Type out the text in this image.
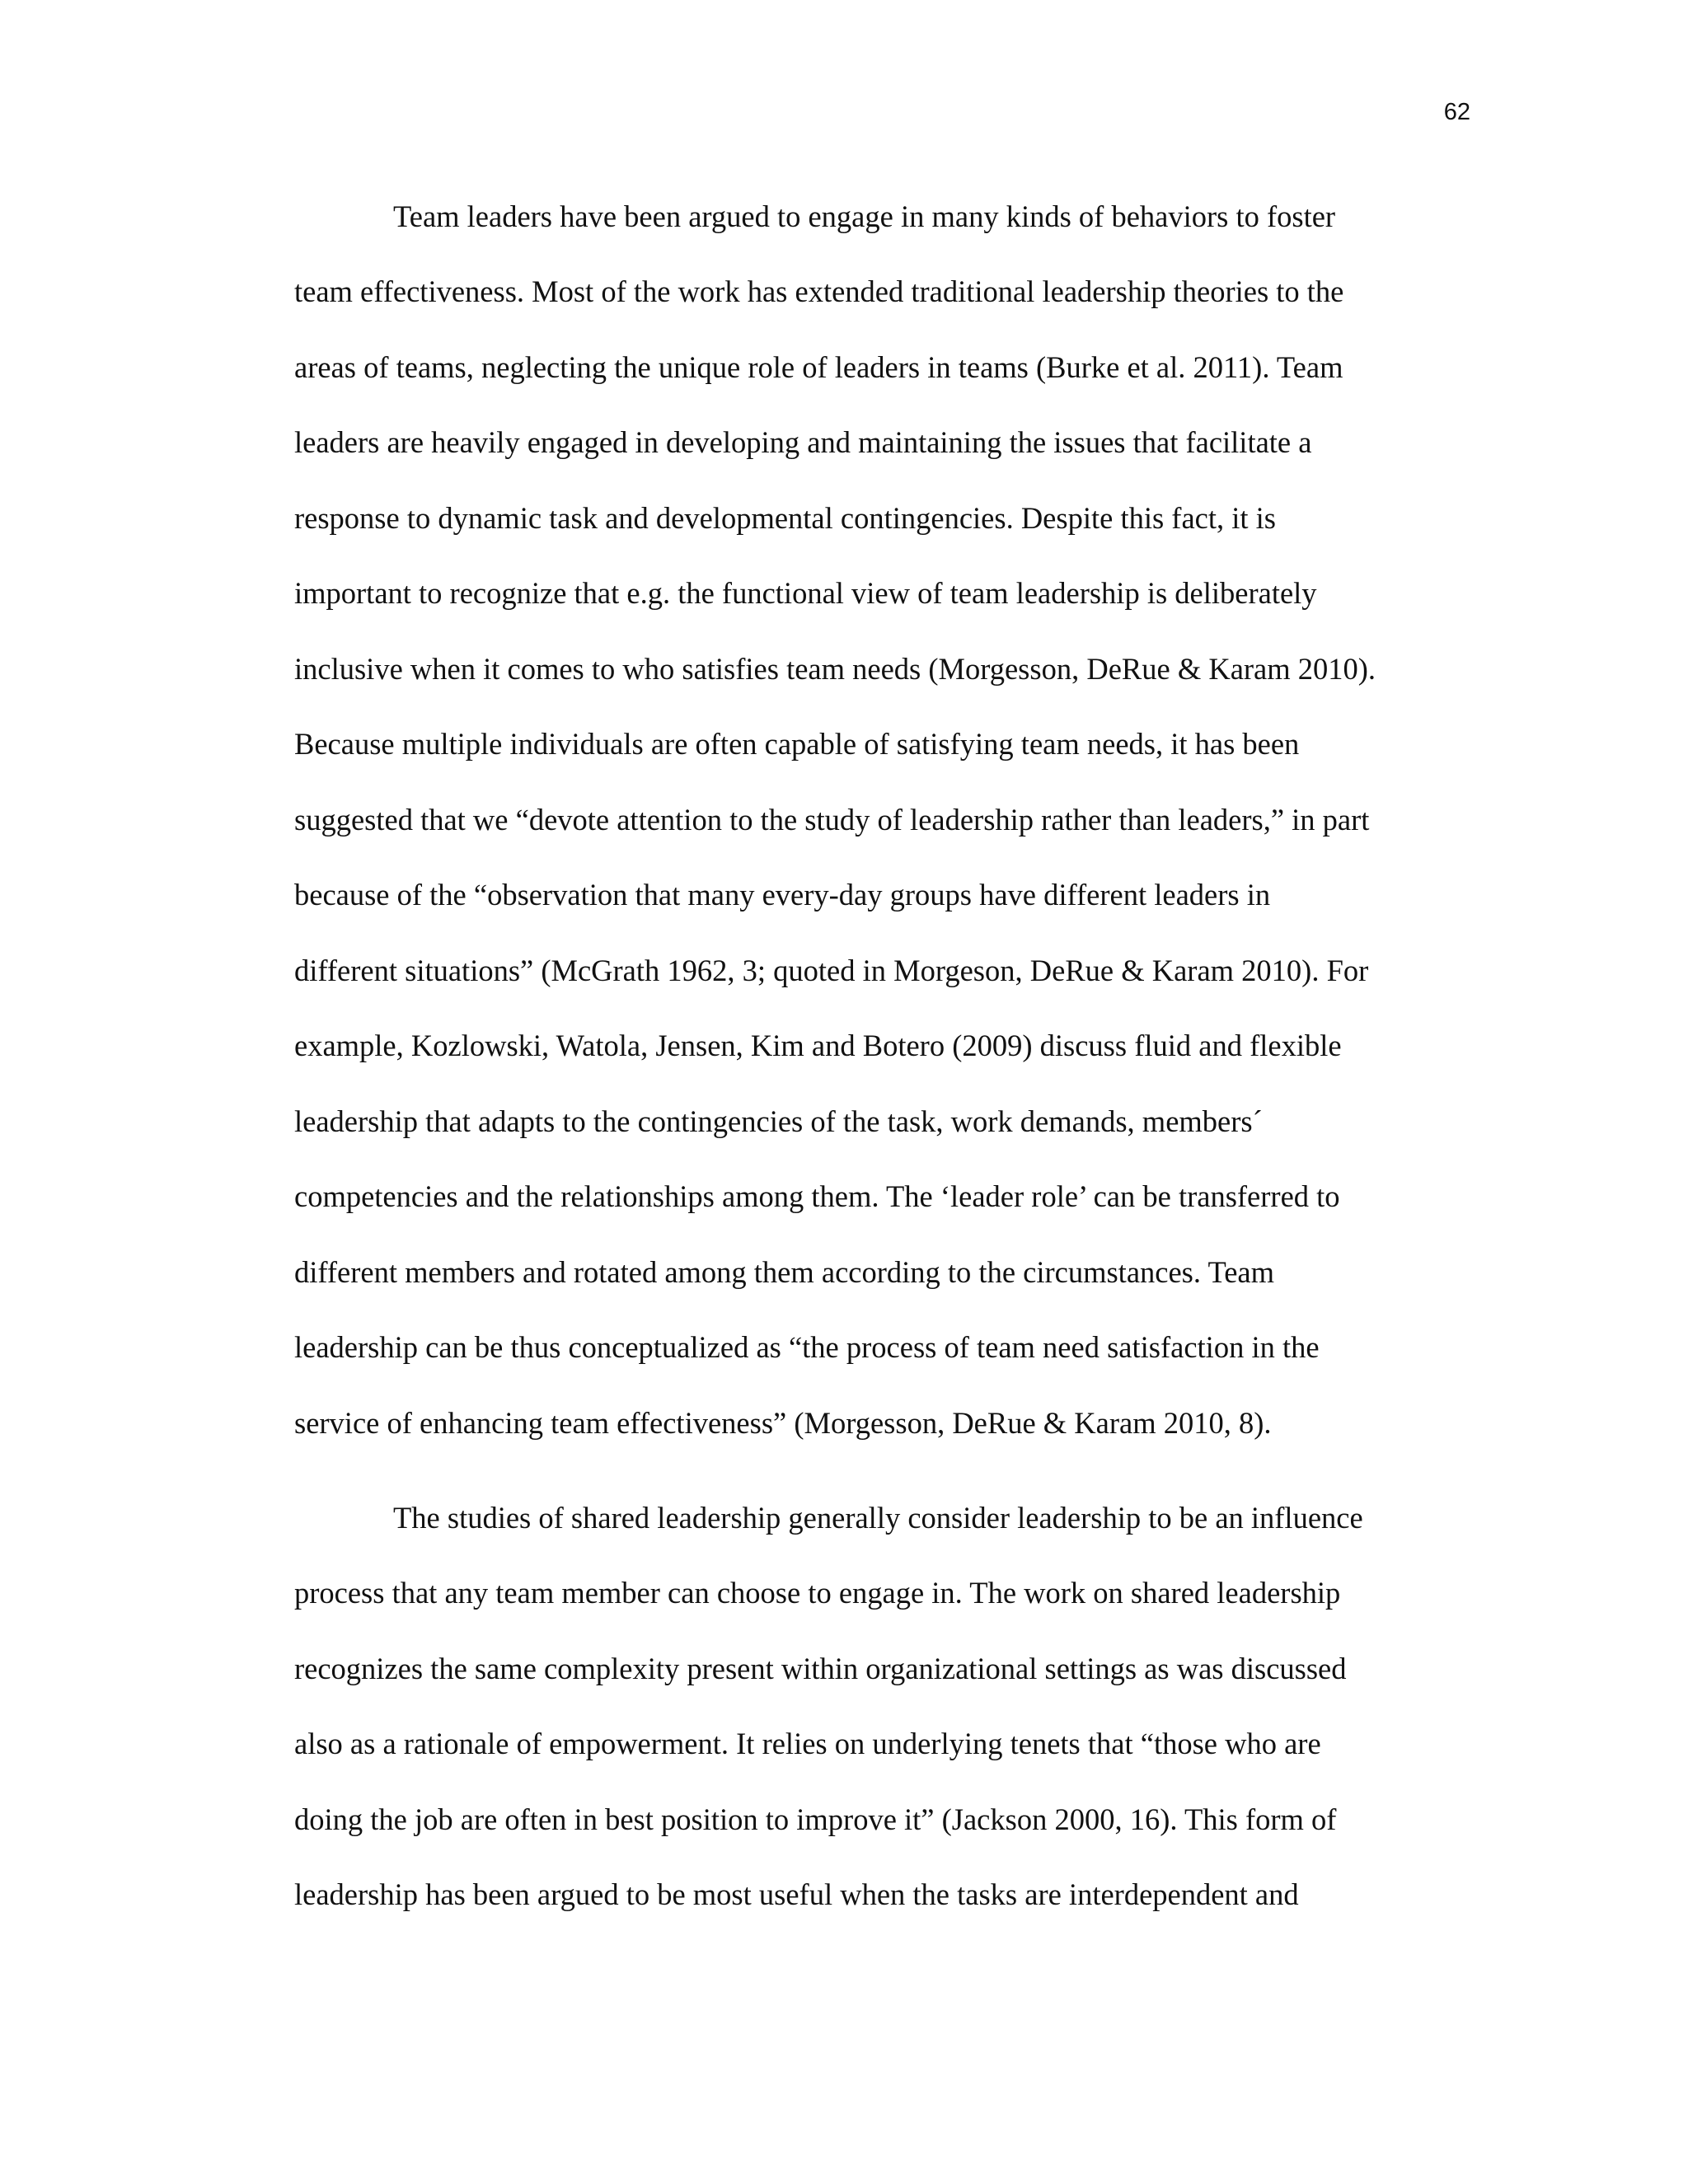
62
Team leaders have been argued to engage in many kinds of behaviors to foster
team effectiveness. Most of the work has extended traditional leadership theories to the
areas of teams, neglecting the unique role of leaders in teams (Burke et al. 2011). Team
leaders are heavily engaged in developing and maintaining the issues that facilitate a
response to dynamic task and developmental contingencies. Despite this fact, it is
important to recognize that e.g. the functional view of team leadership is deliberately
inclusive when it comes to who satisfies team needs (Morgesson, DeRue & Karam 2010).
Because multiple individuals are often capable of satisfying team needs, it has been
suggested that we “devote attention to the study of leadership rather than leaders,” in part
because of the “observation that many every-day groups have different leaders in
different situations” (McGrath 1962, 3; quoted in Morgeson, DeRue & Karam 2010). For
example, Kozlowski, Watola, Jensen, Kim and Botero (2009) discuss fluid and flexible
leadership that adapts to the contingencies of the task, work demands, members´
competencies and the relationships among them. The ‘leader role’ can be transferred to
different members and rotated among them according to the circumstances. Team
leadership can be thus conceptualized as “the process of team need satisfaction in the
service of enhancing team effectiveness” (Morgesson, DeRue & Karam 2010, 8).
The studies of shared leadership generally consider leadership to be an influence
process that any team member can choose to engage in. The work on shared leadership
recognizes the same complexity present within organizational settings as was discussed
also as a rationale of empowerment. It relies on underlying tenets that “those who are
doing the job are often in best position to improve it” (Jackson 2000, 16). This form of
leadership has been argued to be most useful when the tasks are interdependent and
